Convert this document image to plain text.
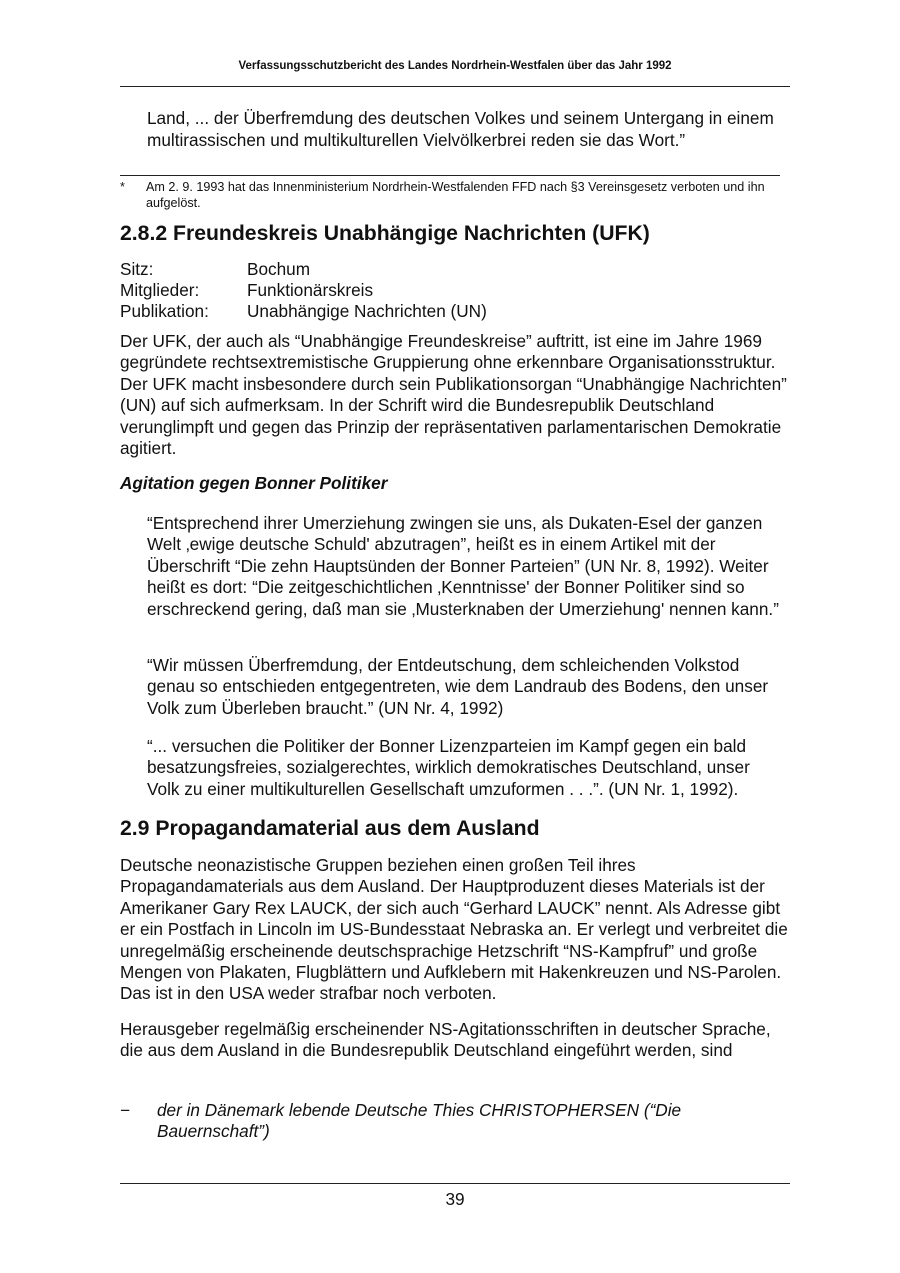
Verfassungsschutzbericht des Landes Nordrhein-Westfalen über das Jahr 1992

Land, ... der Überfremdung des deutschen Volkes und seinem Untergang in einem multirassischen und multikulturellen Vielvölkerbrei reden sie das Wort.”

*	Am 2. 9. 1993 hat das Innenministerium Nordrhein-Westfalenden FFD nach §3 Vereinsgesetz verboten und ihn aufgelöst.
2.8.2 Freundeskreis Unabhängige Nachrichten (UFK)
Sitz:	Bochum
Mitglieder:	Funktionärskreis
Publikation:	Unabhängige Nachrichten (UN)

Der UFK, der auch als “Unabhängige Freundeskreise” auftritt, ist eine im Jahre 1969 gegründete rechtsextremistische Gruppierung ohne erkennbare Organisationsstruktur. Der UFK macht insbesondere durch sein Publikationsorgan “Unabhängige Nachrichten” (UN) auf sich aufmerksam. In der Schrift wird die Bundesrepublik Deutschland verunglimpft und gegen das Prinzip der repräsentativen parlamentarischen Demokratie agitiert.

Agitation gegen Bonner Politiker

“Entsprechend ihrer Umerziehung zwingen sie uns, als Dukaten-Esel der ganzen Welt ‚ewige deutsche Schuld' abzutragen”, heißt es in einem Artikel mit der Überschrift “Die zehn Hauptsünden der Bonner Parteien” (UN Nr. 8, 1992). Weiter heißt es dort: “Die zeitgeschichtlichen ‚Kenntnisse' der Bonner Politiker sind so erschreckend gering, daß man sie ‚Musterknaben der Umerziehung' nennen kann.”

“Wir müssen Überfremdung, der Entdeutschung, dem schleichenden Volkstod genau so entschieden entgegentreten, wie dem Landraub des Bodens, den unser Volk zum Überleben braucht.” (UN Nr. 4, 1992)

“... versuchen die Politiker der Bonner Lizenzparteien im Kampf gegen ein bald besatzungsfreies, sozialgerechtes, wirklich demokratisches Deutschland, unser Volk zu einer multikulturellen Gesellschaft umzuformen . . .”. (UN Nr. 1, 1992).

2.9 Propagandamaterial aus dem Ausland

Deutsche neonazistische Gruppen beziehen einen großen Teil ihres Propagandamaterials aus dem Ausland. Der Hauptproduzent dieses Materials ist der Amerikaner Gary Rex LAUCK, der sich auch “Gerhard LAUCK” nennt. Als Adresse gibt er ein Postfach in Lincoln im US-Bundesstaat Nebraska an. Er verlegt und verbreitet die unregelmäßig erscheinende deutschsprachige Hetzschrift “NS-Kampfruf” und große Mengen von Plakaten, Flugblättern und Aufklebern mit Hakenkreuzen und NS-Parolen. Das ist in den USA weder strafbar noch verboten.

Herausgeber regelmäßig erscheinender NS-Agitationsschriften in deutscher Sprache, die aus dem Ausland in die Bundesrepublik Deutschland eingeführt werden, sind

− der in Dänemark lebende Deutsche Thies CHRISTOPHERSEN (“Die Bauernschaft”)
39
